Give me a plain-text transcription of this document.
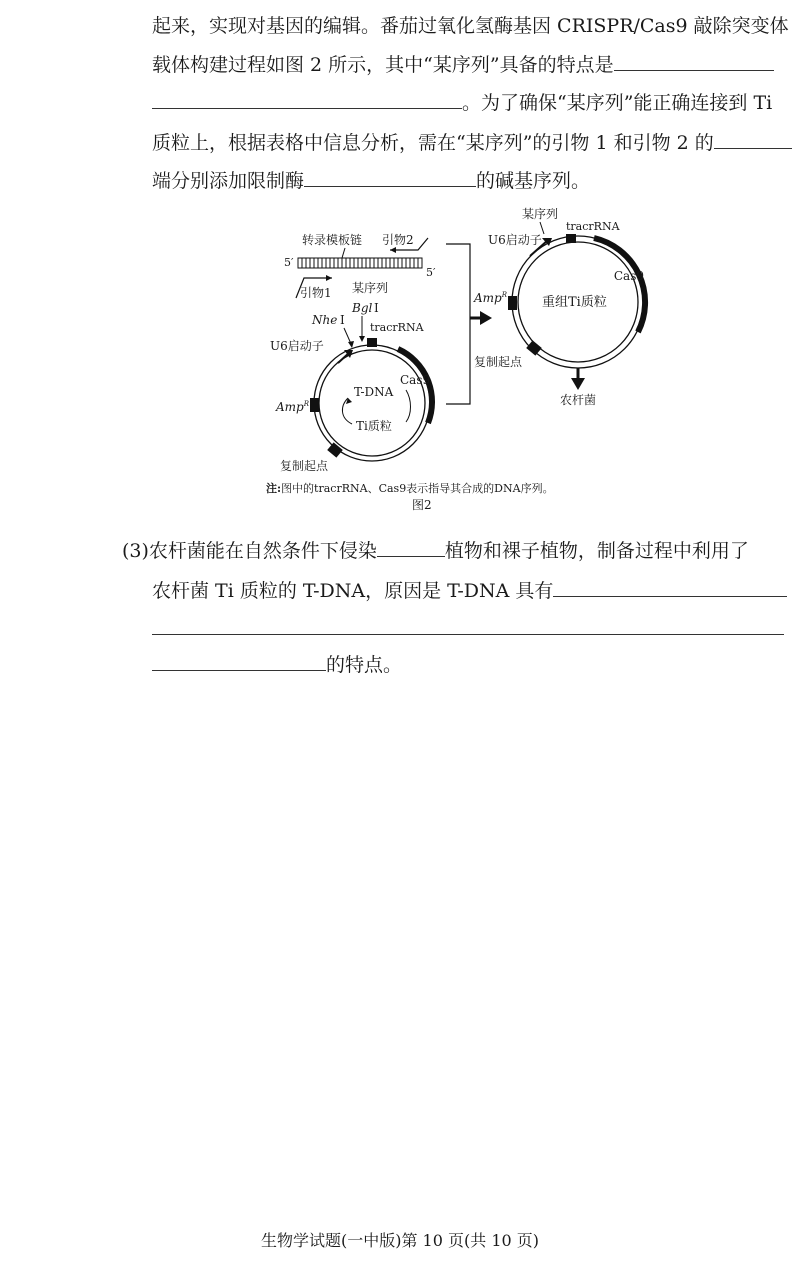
起来，实现对基因的编辑。番茄过氧化氢酶基因 CRISPR/Cas9 敲除突变体
载体构建过程如图 2 所示，其中“某序列”具备的特点是
。为了确保“某序列”能正确连接到 Ti
质粒上，根据表格中信息分析，需在“某序列”的引物 1 和引物 2 的
端分别添加限制酶	的碱基序列。
转录模板链 引物2
5′
5′
引物1 某序列
Nhe Ⅰ
Bgl Ⅰ
tracrRNA
U6启动子
T-DNA
Cas9
Amp$^R$
Ti质粒
复制起点
某序列
tracrRNA
U6启动子
Cas9
Amp$^R$	重组Ti质粒
复制起点
农杆菌
注:图中的tracrRNA、Cas9表示指导其合成的DNA序列。
图2
(3)农杆菌能在自然条件下侵染	植物和裸子植物，制备过程中利用了
农杆菌 Ti 质粒的 T-DNA，原因是 T-DNA 具有
的特点。
生物学试题(一中版)第 10 页(共 10 页)
